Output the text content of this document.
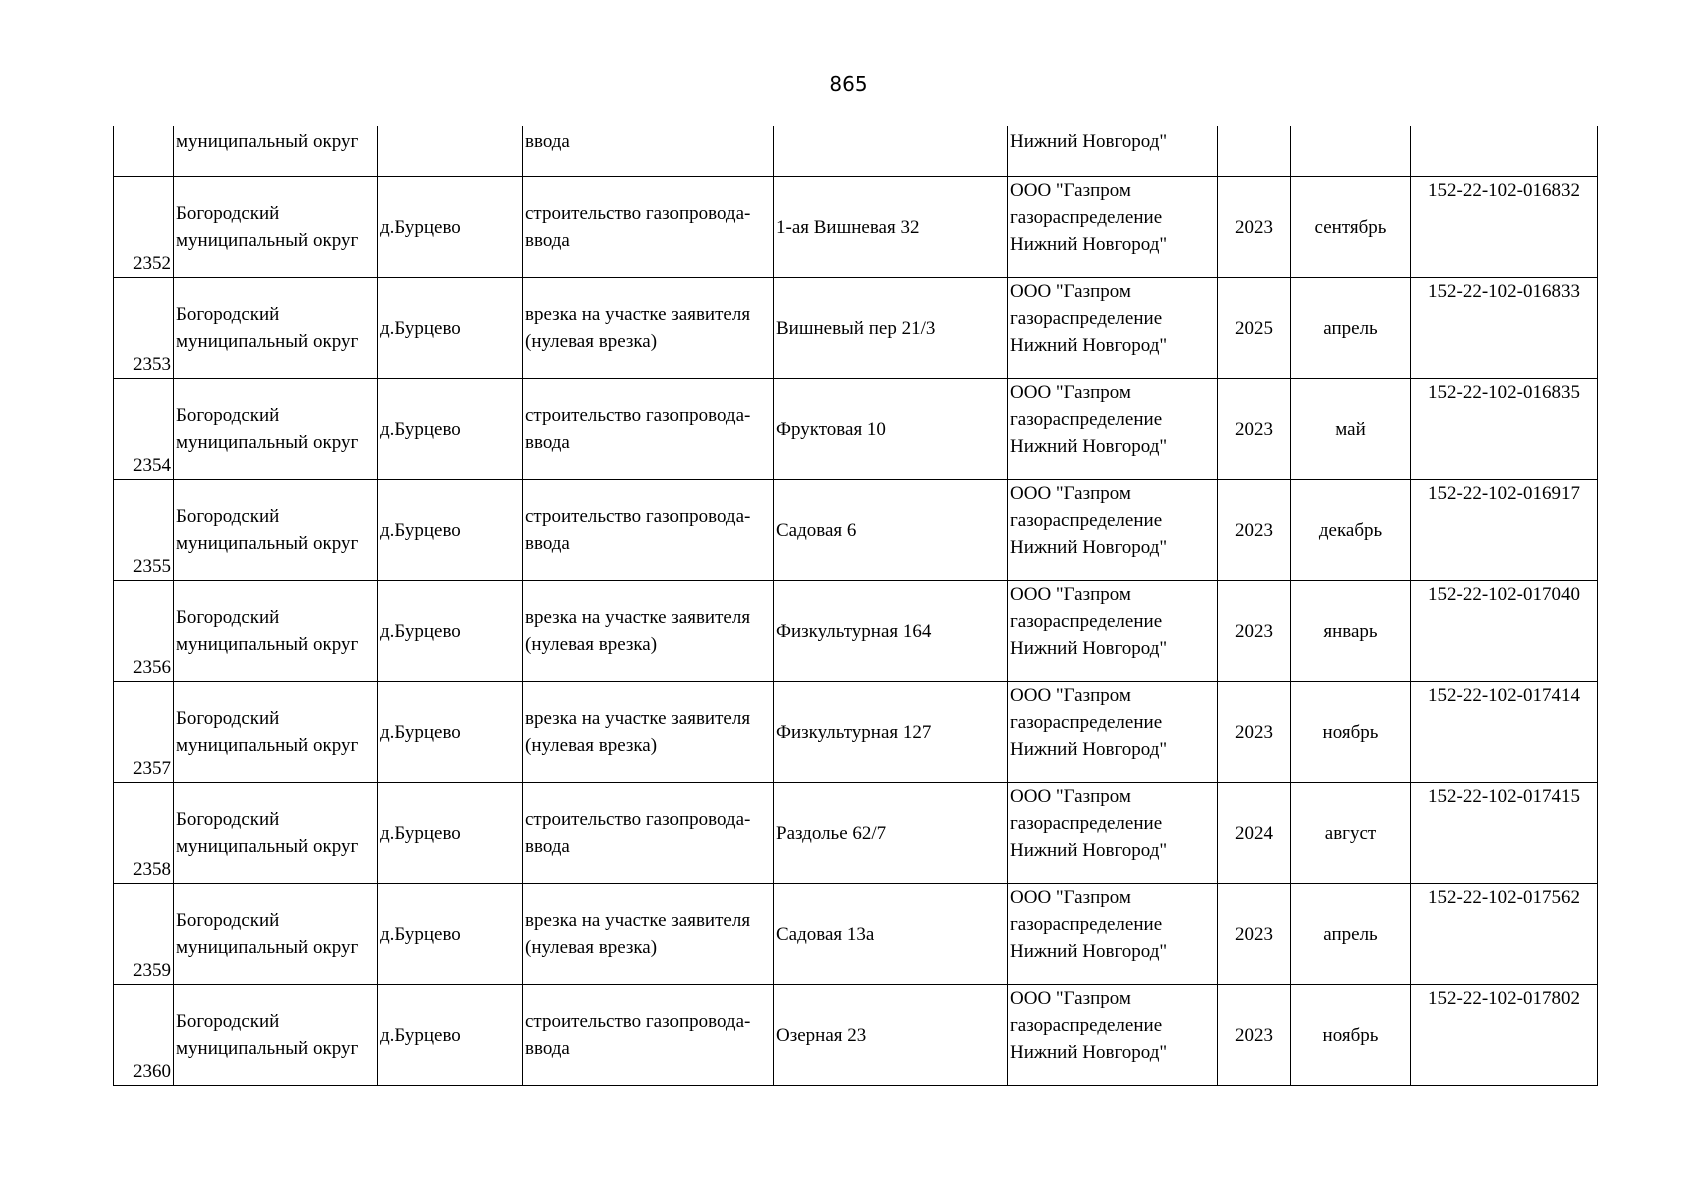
865
	муниципальный округ		ввода		Нижний Новгород"			
2352	Богородский
муниципальный округ	д.Бурцево	строительство газопровода-
ввода	1-ая Вишневая 32	ООО "Газпром
газораспределение
Нижний Новгород"	2023	сентябрь	152-22-102-016832
2353	Богородский
муниципальный округ	д.Бурцево	врезка на участке заявителя
(нулевая врезка)	Вишневый пер 21/3	ООО "Газпром
газораспределение
Нижний Новгород"	2025	апрель	152-22-102-016833
2354	Богородский
муниципальный округ	д.Бурцево	строительство газопровода-
ввода	Фруктовая 10	ООО "Газпром
газораспределение
Нижний Новгород"	2023	май	152-22-102-016835
2355	Богородский
муниципальный округ	д.Бурцево	строительство газопровода-
ввода	Садовая 6	ООО "Газпром
газораспределение
Нижний Новгород"	2023	декабрь	152-22-102-016917
2356	Богородский
муниципальный округ	д.Бурцево	врезка на участке заявителя
(нулевая врезка)	Физкультурная 164	ООО "Газпром
газораспределение
Нижний Новгород"	2023	январь	152-22-102-017040
2357	Богородский
муниципальный округ	д.Бурцево	врезка на участке заявителя
(нулевая врезка)	Физкультурная 127	ООО "Газпром
газораспределение
Нижний Новгород"	2023	ноябрь	152-22-102-017414
2358	Богородский
муниципальный округ	д.Бурцево	строительство газопровода-
ввода	Раздолье 62/7	ООО "Газпром
газораспределение
Нижний Новгород"	2024	август	152-22-102-017415
2359	Богородский
муниципальный округ	д.Бурцево	врезка на участке заявителя
(нулевая врезка)	Садовая 13а	ООО "Газпром
газораспределение
Нижний Новгород"	2023	апрель	152-22-102-017562
2360	Богородский
муниципальный округ	д.Бурцево	строительство газопровода-
ввода	Озерная 23	ООО "Газпром
газораспределение
Нижний Новгород"	2023	ноябрь	152-22-102-017802
